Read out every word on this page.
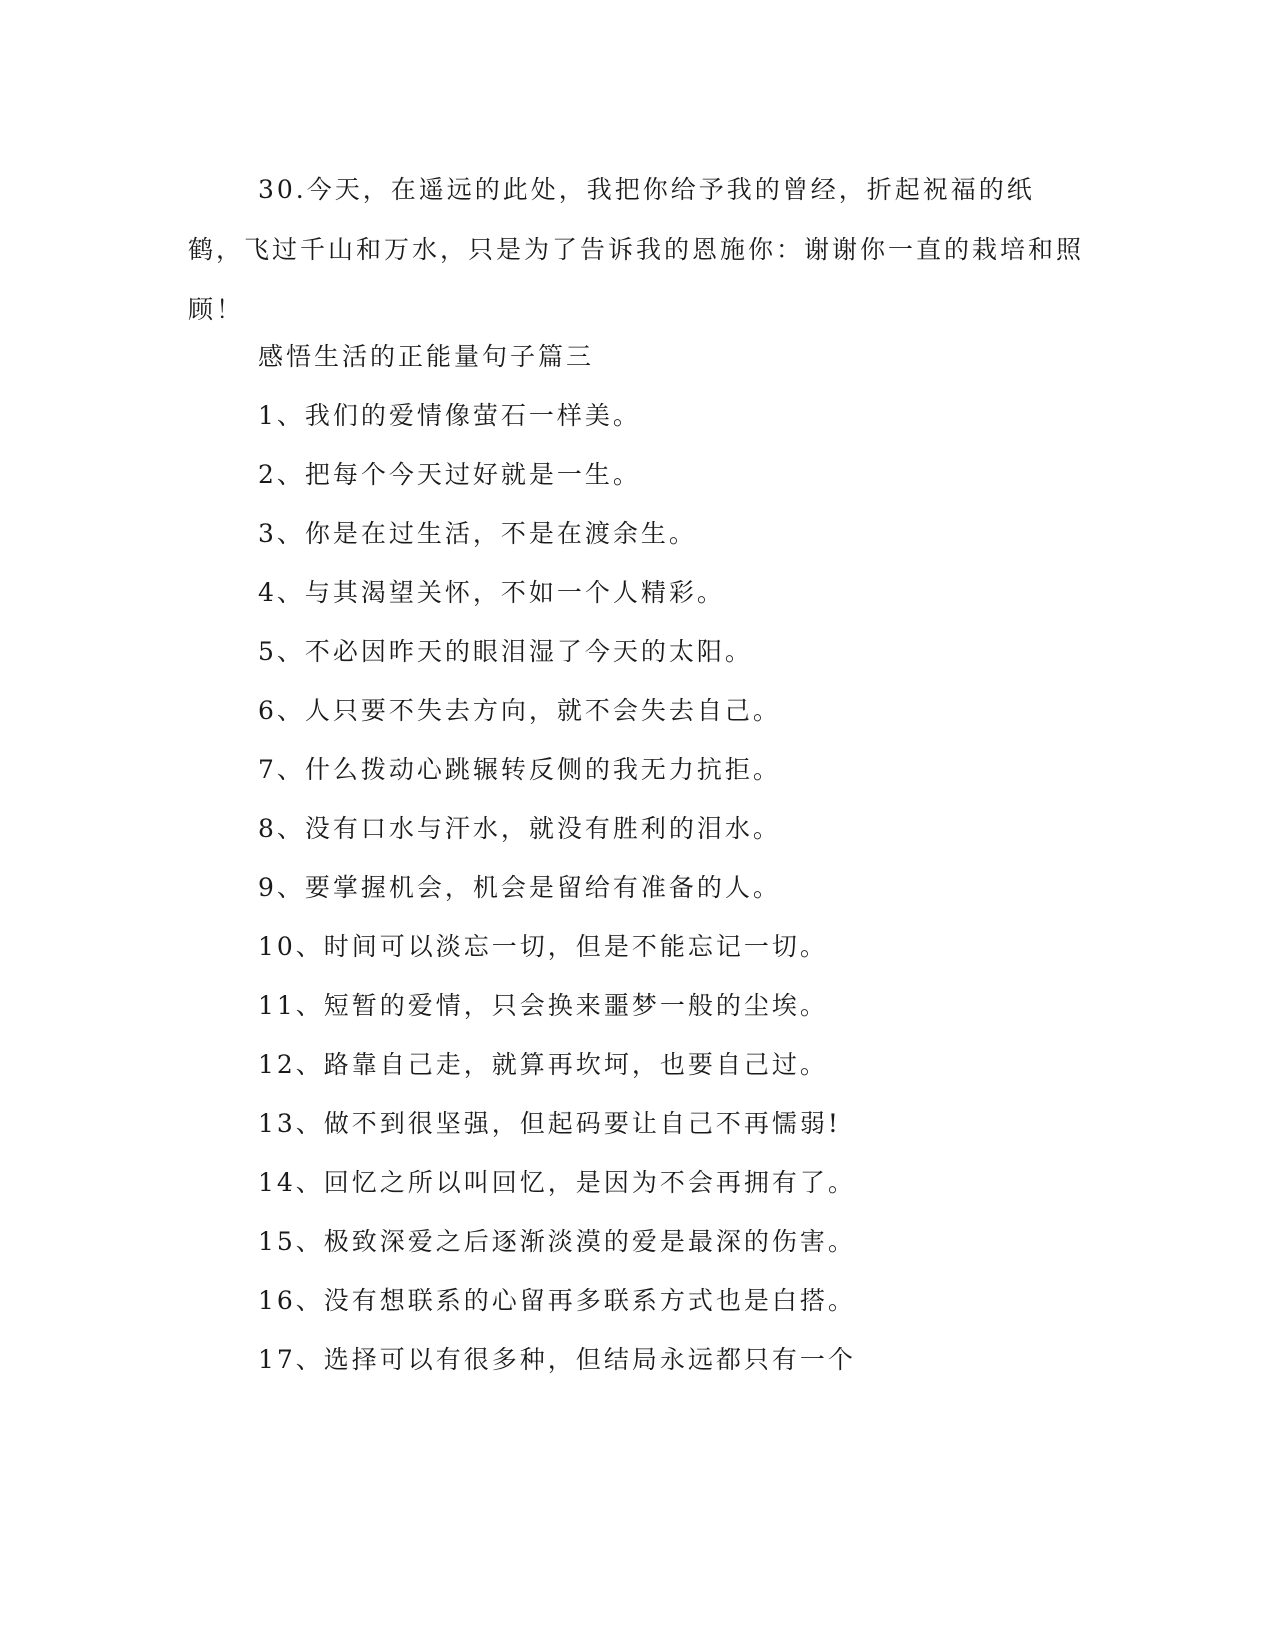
30.今天，在遥远的此处，我把你给予我的曾经，折起祝福的纸鹤，飞过千山和万水，只是为了告诉我的恩施你：谢谢你一直的栽培和照顾！

感悟生活的正能量句子篇三

1、我们的爱情像萤石一样美。

2、把每个今天过好就是一生。

3、你是在过生活，不是在渡余生。

4、与其渴望关怀，不如一个人精彩。

5、不必因昨天的眼泪湿了今天的太阳。

6、人只要不失去方向，就不会失去自己。

7、什么拨动心跳辗转反侧的我无力抗拒。

8、没有口水与汗水，就没有胜利的泪水。

9、要掌握机会，机会是留给有准备的人。

10、时间可以淡忘一切，但是不能忘记一切。

11、短暂的爱情，只会换来噩梦一般的尘埃。

12、路靠自己走，就算再坎坷，也要自己过。

13、做不到很坚强，但起码要让自己不再懦弱!

14、回忆之所以叫回忆，是因为不会再拥有了。

15、极致深爱之后逐渐淡漠的爱是最深的伤害。

16、没有想联系的心留再多联系方式也是白搭。

17、选择可以有很多种，但结局永远都只有一个
